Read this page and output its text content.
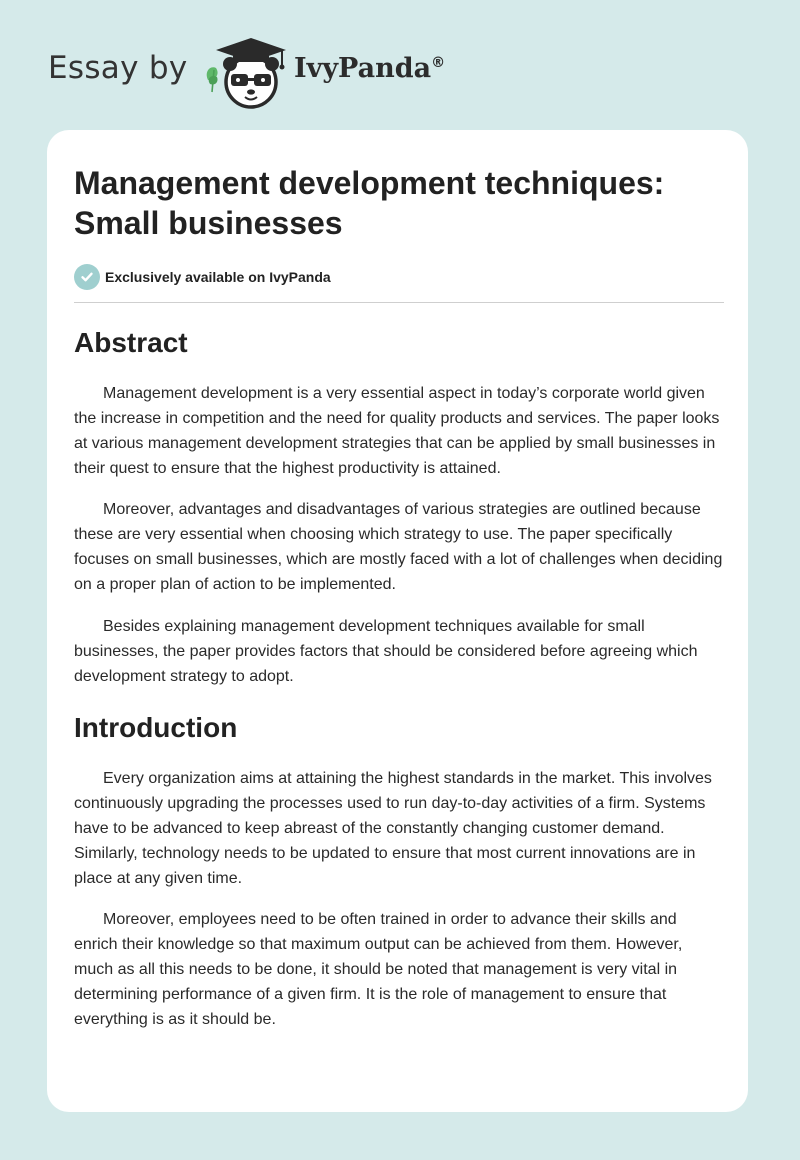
Essay by	IvyPanda®
Management development techniques: Small businesses
Exclusively available on IvyPanda
Abstract

Management development is a very essential aspect in today’s corporate world given the increase in competition and the need for quality products and services. The paper looks at various management development strategies that can be applied by small businesses in their quest to ensure that the highest productivity is attained.

Moreover, advantages and disadvantages of various strategies are outlined because these are very essential when choosing which strategy to use. The paper specifically focuses on small businesses, which are mostly faced with a lot of challenges when deciding on a proper plan of action to be implemented.

Besides explaining management development techniques available for small businesses, the paper provides factors that should be considered before agreeing which development strategy to adopt.

Introduction

Every organization aims at attaining the highest standards in the market. This involves continuously upgrading the processes used to run day-to-day activities of a firm. Systems have to be advanced to keep abreast of the constantly changing customer demand. Similarly, technology needs to be updated to ensure that most current innovations are in place at any given time.

Moreover, employees need to be often trained in order to advance their skills and enrich their knowledge so that maximum output can be achieved from them. However, much as all this needs to be done, it should be noted that management is very vital in determining performance of a given firm. It is the role of management to ensure that everything is as it should be.
